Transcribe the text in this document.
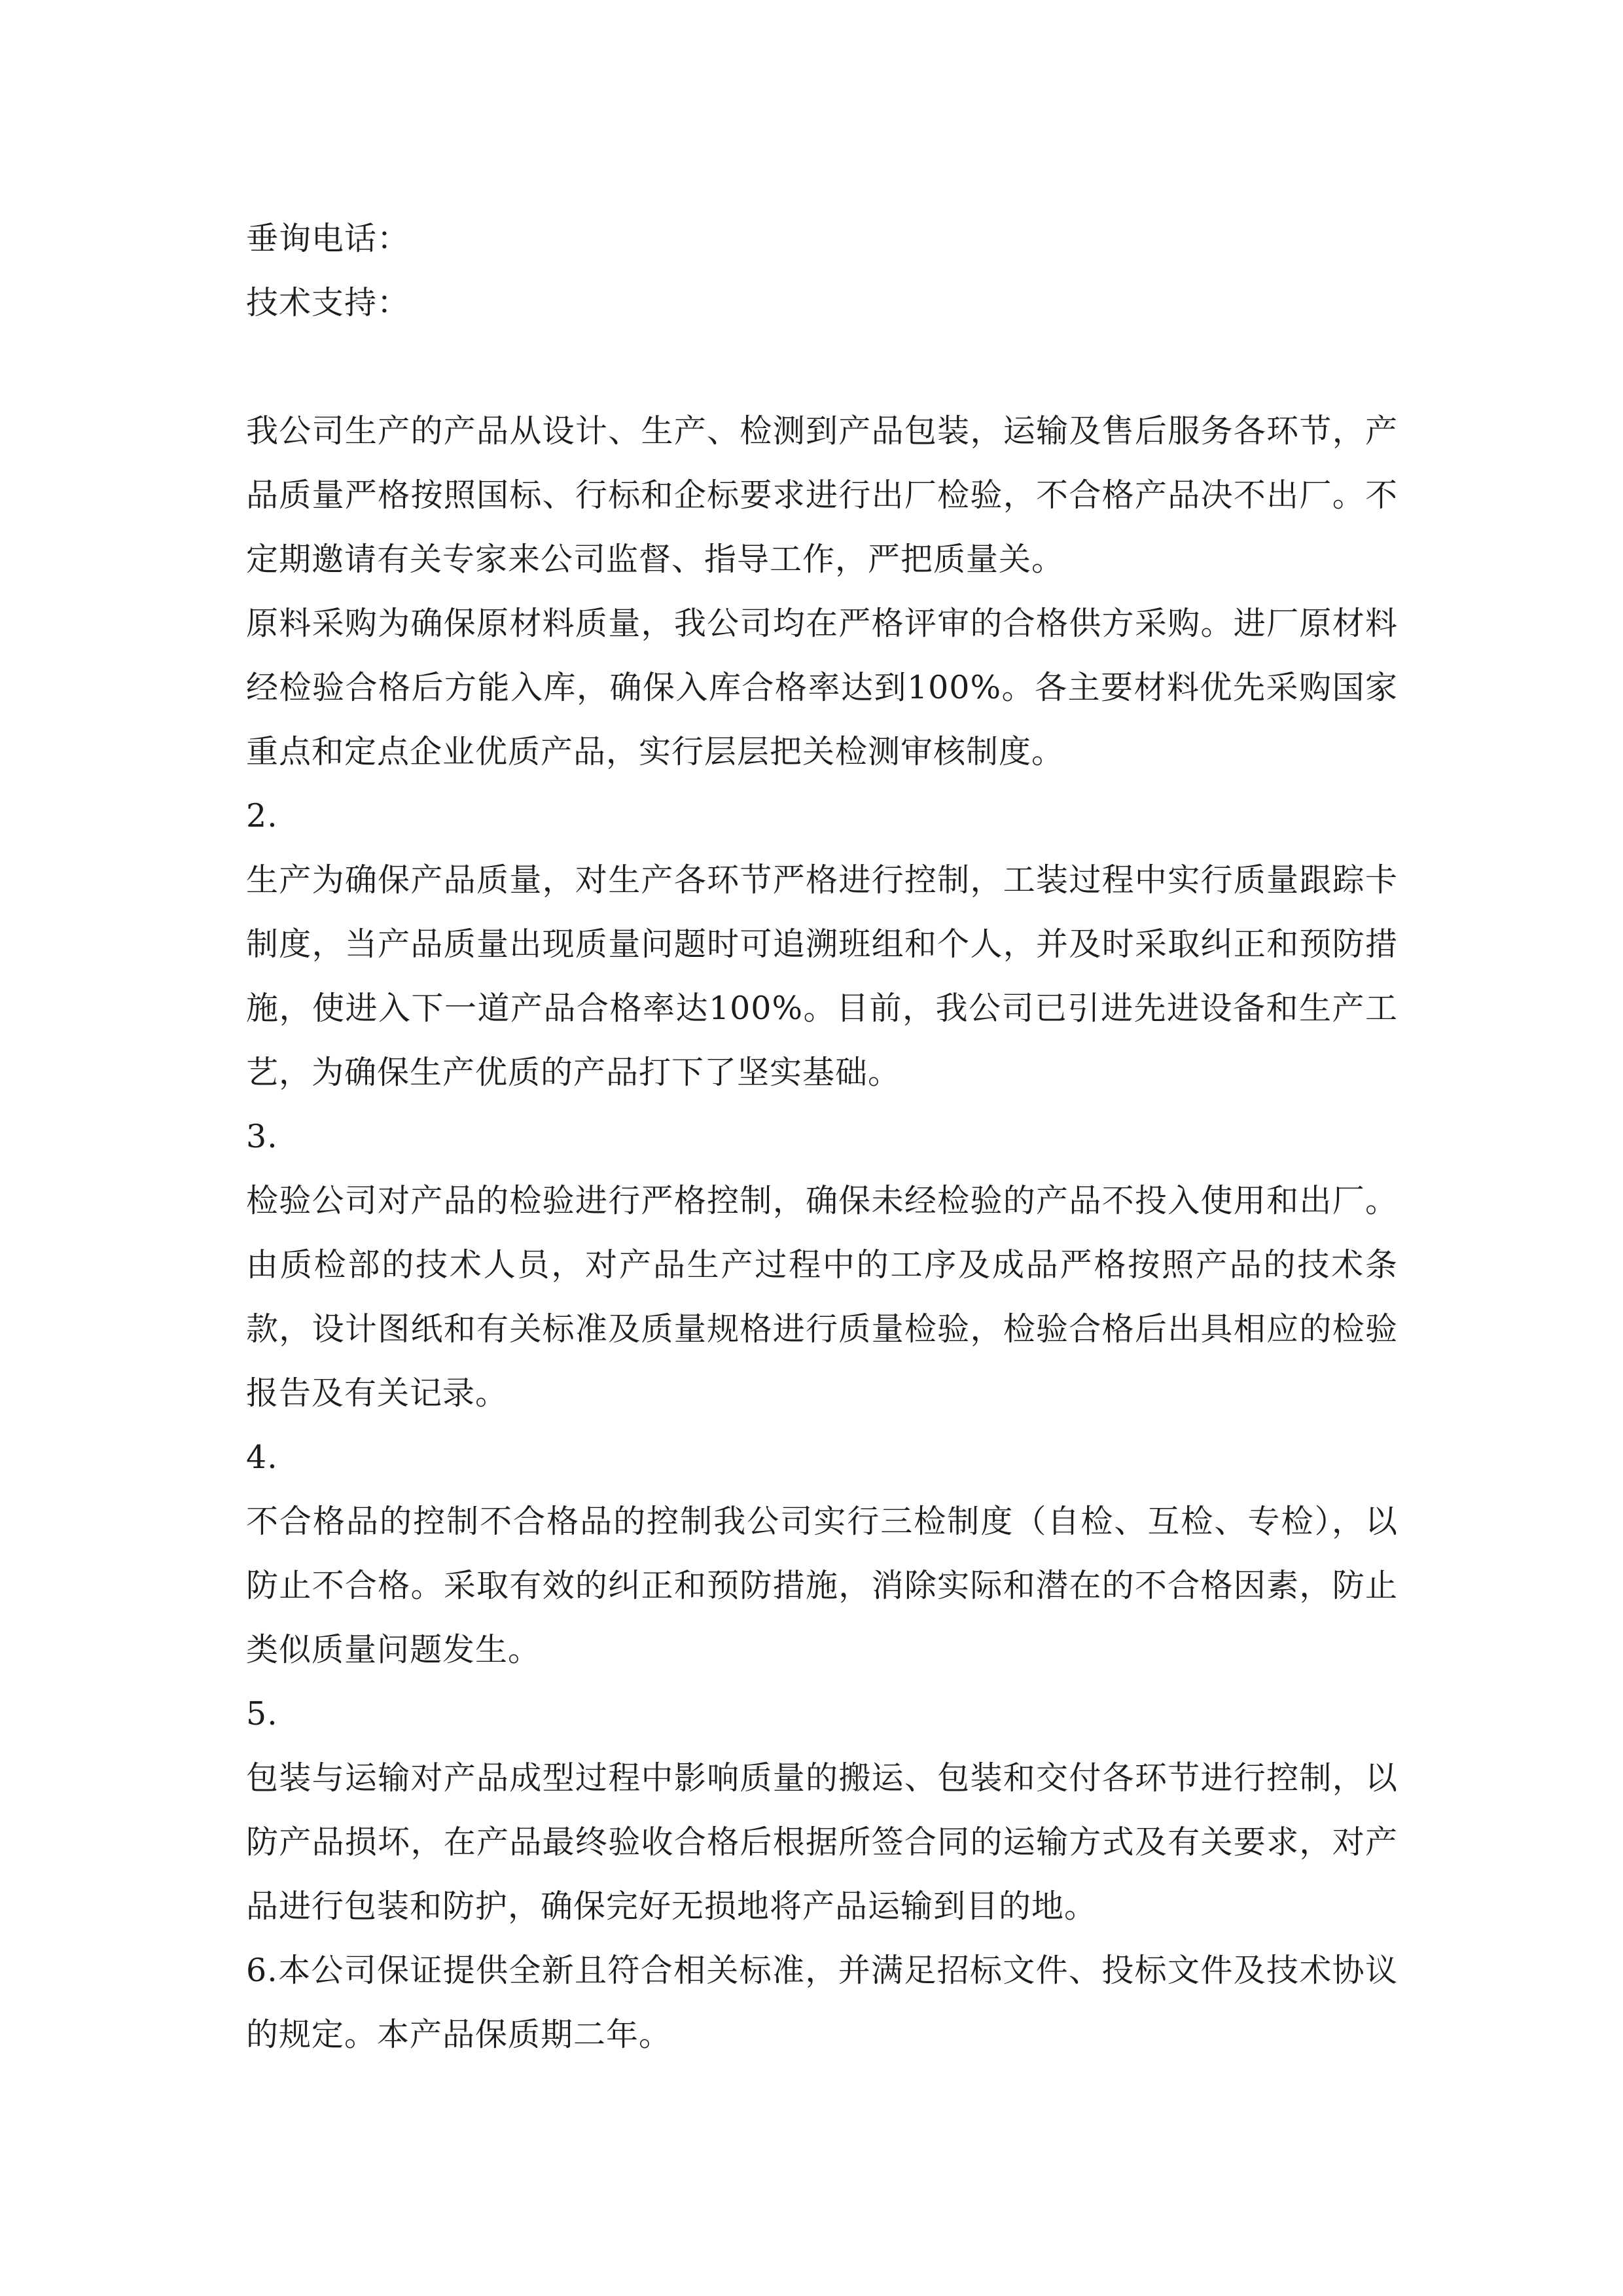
垂询电话：

技术支持：

我公司生产的产品从设计、生产、检测到产品包装，运输及售后服务各环节，产品质量严格按照国标、行标和企标要求进行出厂检验，不合格产品决不出厂。不定期邀请有关专家来公司监督、指导工作，严把质量关。

原料采购为确保原材料质量，我公司均在严格评审的合格供方采购。进厂原材料经检验合格后方能入库，确保入库合格率达到100%。各主要材料优先采购国家重点和定点企业优质产品，实行层层把关检测审核制度。

2.

生产为确保产品质量，对生产各环节严格进行控制，工装过程中实行质量跟踪卡制度，当产品质量出现质量问题时可追溯班组和个人，并及时采取纠正和预防措施，使进入下一道产品合格率达100%。目前，我公司已引进先进设备和生产工艺，为确保生产优质的产品打下了坚实基础。

3.

检验公司对产品的检验进行严格控制，确保未经检验的产品不投入使用和出厂。由质检部的技术人员，对产品生产过程中的工序及成品严格按照产品的技术条款，设计图纸和有关标准及质量规格进行质量检验，检验合格后出具相应的检验报告及有关记录。

4.

不合格品的控制不合格品的控制我公司实行三检制度（自检、互检、专检），以防止不合格。采取有效的纠正和预防措施，消除实际和潜在的不合格因素，防止类似质量问题发生。

5.

包装与运输对产品成型过程中影响质量的搬运、包装和交付各环节进行控制，以防产品损坏，在产品最终验收合格后根据所签合同的运输方式及有关要求，对产品进行包装和防护，确保完好无损地将产品运输到目的地。

6.本公司保证提供全新且符合相关标准，并满足招标文件、投标文件及技术协议的规定。本产品保质期二年。
